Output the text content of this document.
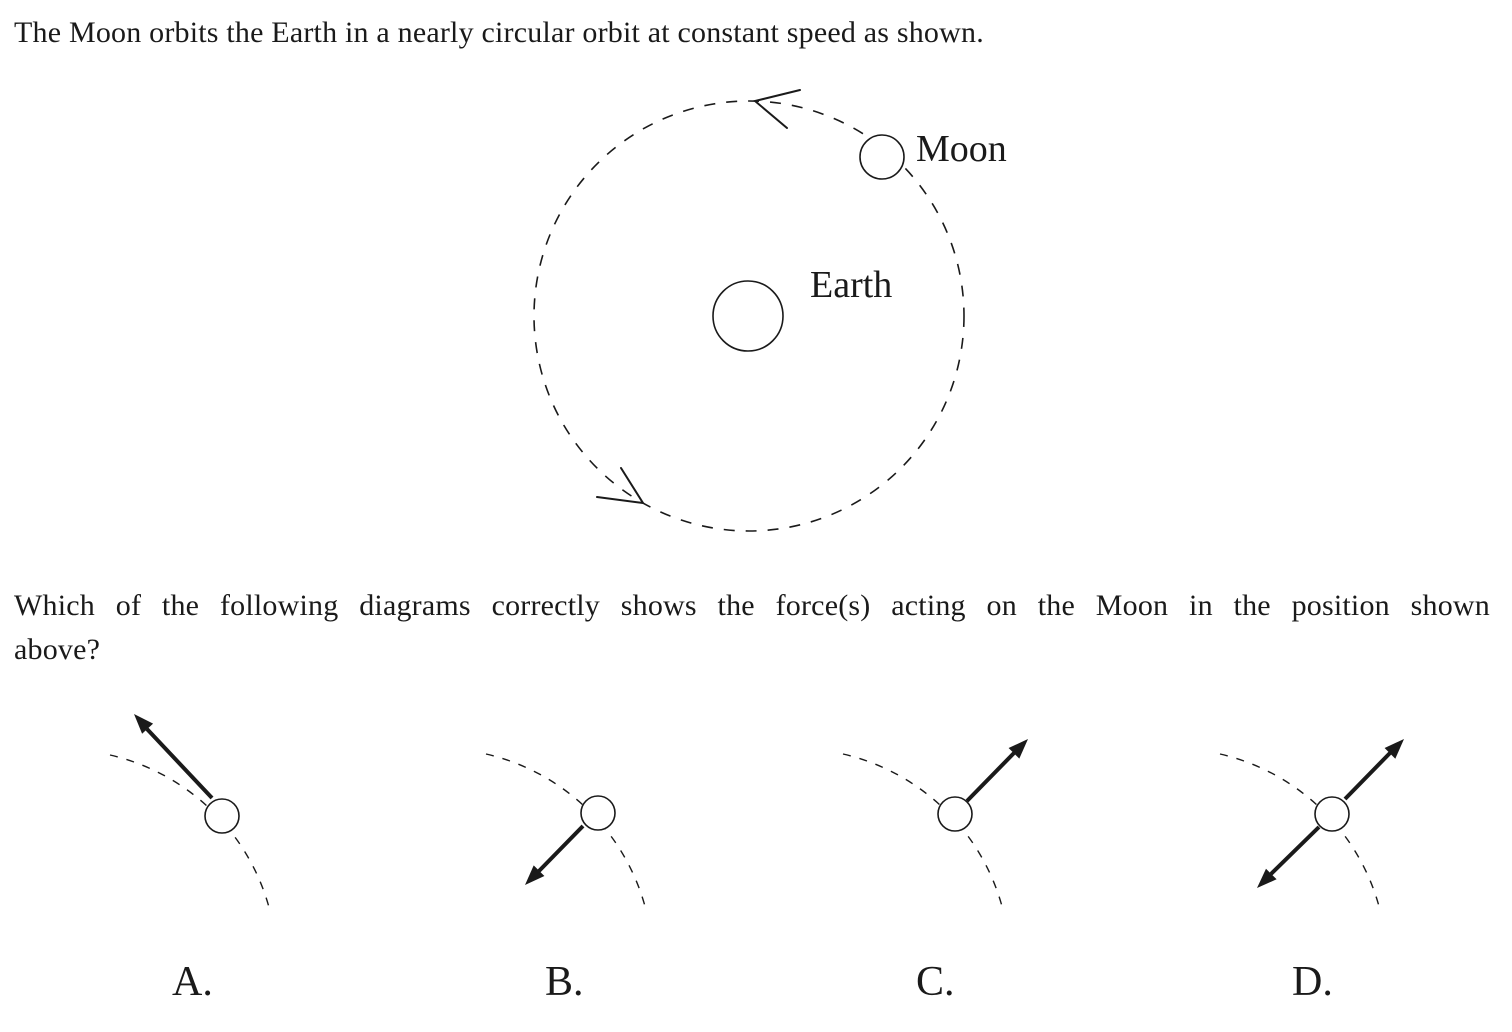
The Moon orbits the Earth in a nearly circular orbit at constant speed as shown.
Moon
Earth
Which of the following diagrams correctly shows the force(s) acting on the Moon in the position shown
above?
A.	B.	C.	D.
